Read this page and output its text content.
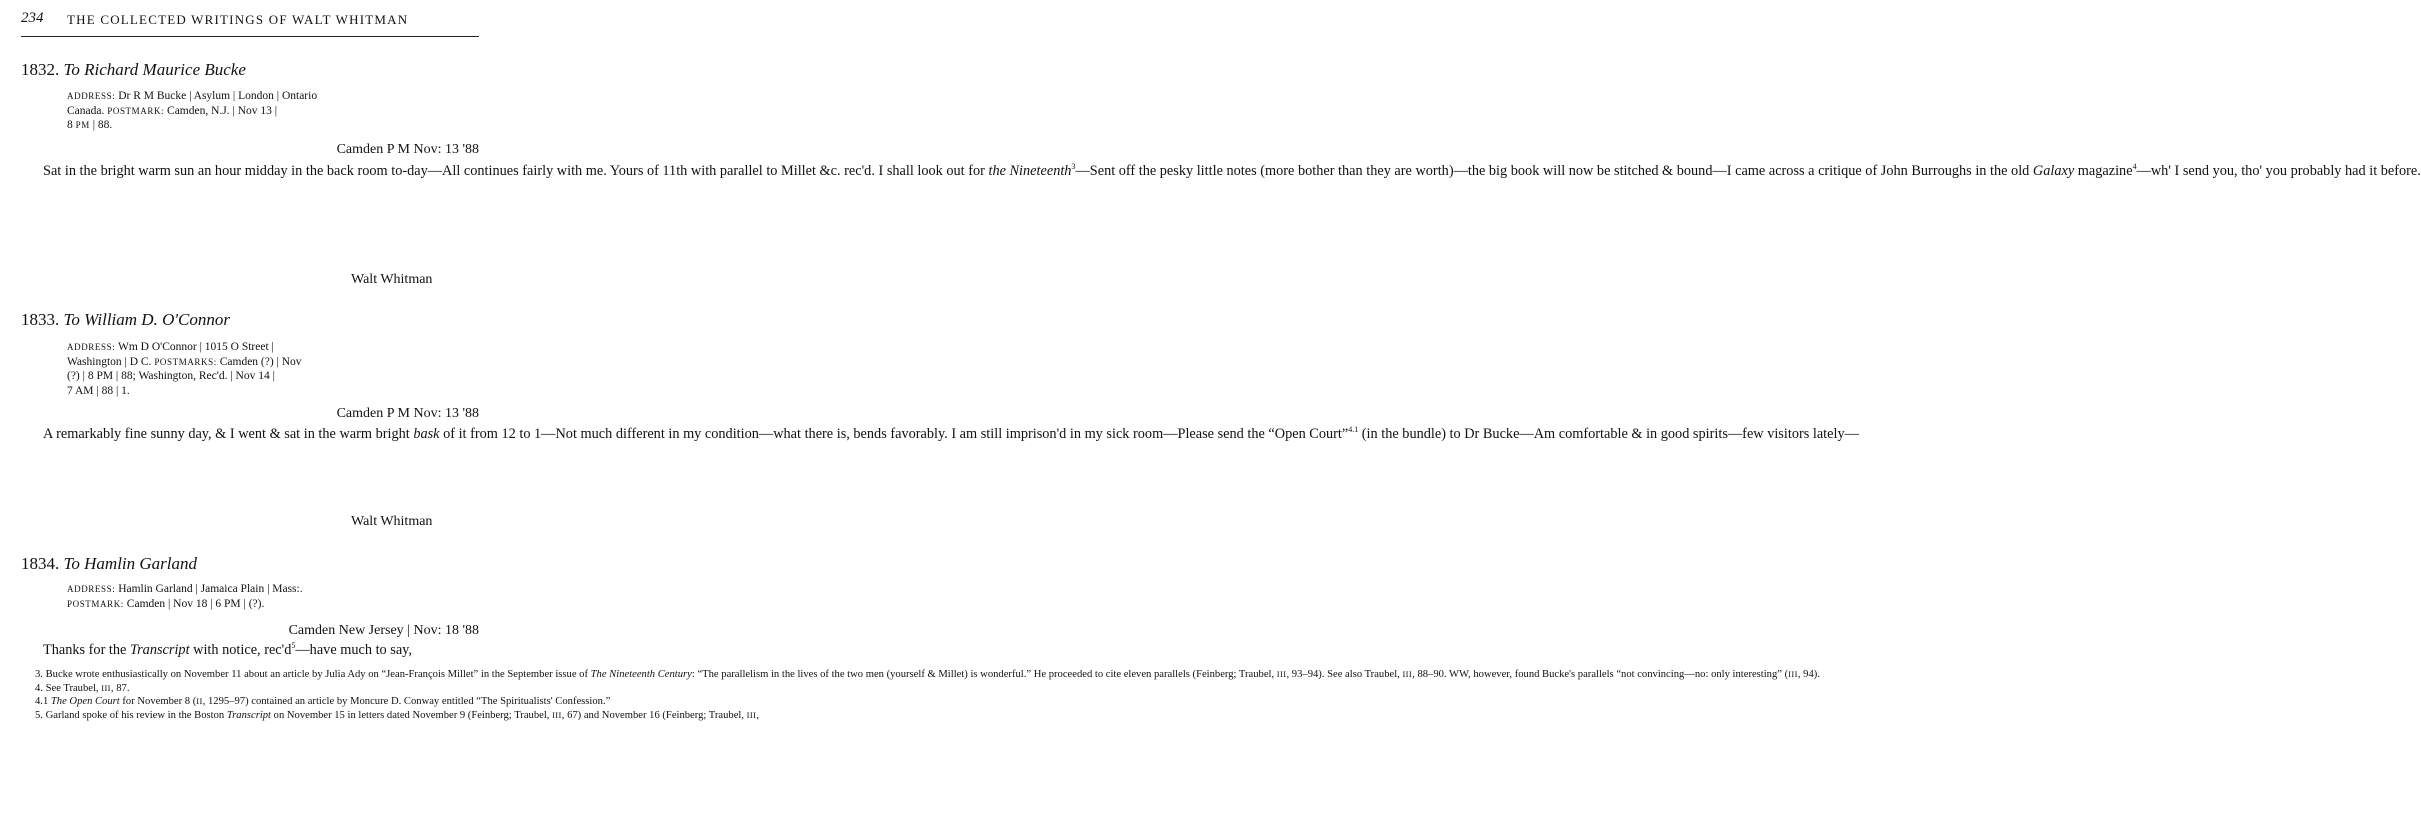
234 THE COLLECTED WRITINGS OF WALT WHITMAN
1832. To Richard Maurice Bucke
ADDRESS: Dr R M Bucke | Asylum | London | Ontario
Canada. POSTMARK: Camden, N.J. | Nov 13 |
8 PM | 88.
Camden P M Nov: 13 '88

Sat in the bright warm sun an hour midday in the back room to-day—All continues fairly with me. Yours of 11th with parallel to Millet &c. rec'd. I shall look out for the Nineteenth$^3$—Sent off the pesky little notes (more bother than they are worth)—the big book will now be stitched & bound—I came across a critique of John Burroughs in the old Galaxy magazine$^4$—wh' I send you, tho' you probably had it before.

Walt Whitman
1833. To William D. O'Connor
ADDRESS: Wm D O'Connor | 1015 O Street |
Washington | D C. POSTMARKS: Camden (?) | Nov
(?) | 8 PM | 88; Washington, Rec'd. | Nov 14 |
7 AM | 88 | 1.
Camden P M Nov: 13 '88

A remarkably fine sunny day, & I went & sat in the warm bright bask of it from 12 to 1—Not much different in my condition—what there is, bends favorably. I am still imprison'd in my sick room—Please send the “Open Court”$^{4.1}$ (in the bundle) to Dr Bucke—Am comfortable & in good spirits—few visitors lately—

Walt Whitman
1834. To Hamlin Garland
ADDRESS: Hamlin Garland | Jamaica Plain | Mass:.
POSTMARK: Camden | Nov 18 | 6 PM | (?).
Camden New Jersey | Nov: 18 '88

Thanks for the Transcript with notice, $rec'd^5—have$ much to say,

3. Bucke wrote enthusiastically on November 11 about an article by Julia Ady on “Jean-François Millet” in the September issue of The Nineteenth Century: “The parallelism in the lives of the two men (yourself & Millet) is wonderful.” He proceeded to cite eleven parallels (Feinberg; Traubel, III, 93–94). See also Traubel, III, 88–90. WW, however, found Bucke's parallels “not convincing—no: only interesting” (III, 94).

4. See Traubel, III, 87.

4.1 The Open Court for November 8 (II, 1295–97) contained an article by Moncure D. Conway entitled “The Spiritualists' Confession.”

5. Garland spoke of his review in the Boston Transcript on November 15 in letters dated November 9 (Feinberg; Traubel, III, 67) and November 16 (Feinberg; Traubel, III,
